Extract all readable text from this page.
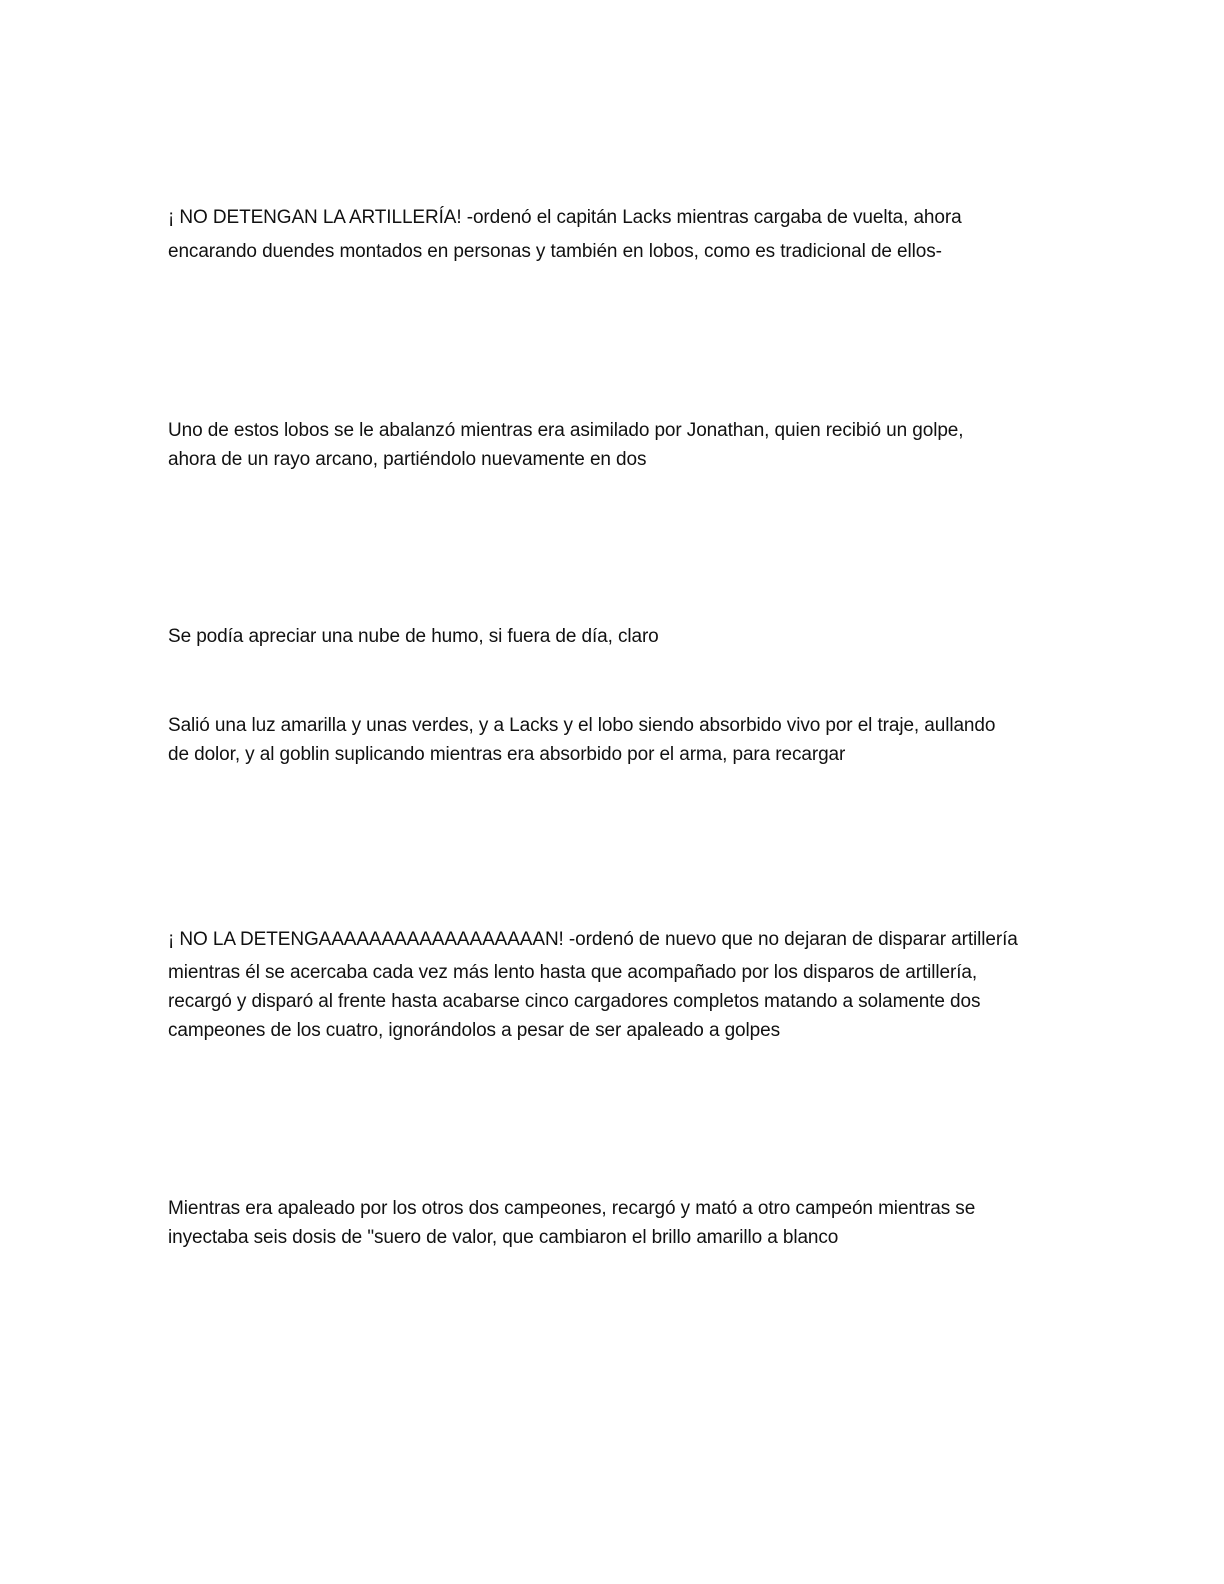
¡ NO DETENGAN LA ARTILLERÍA! -ordenó el capitán Lacks mientras cargaba de vuelta, ahora
encarando duendes montados en personas y también en lobos, como es tradicional de ellos-

Uno de estos lobos se le abalanzó mientras era asimilado por Jonathan, quien recibió un golpe,
ahora de un rayo arcano, partiéndolo nuevamente en dos

Se podía apreciar una nube de humo, si fuera de día, claro

Salió una luz amarilla y unas verdes, y a Lacks y el lobo siendo absorbido vivo por el traje, aullando
de dolor, y al goblin suplicando mientras era absorbido por el arma, para recargar

¡ NO LA DETENGAAAAAAAAAAAAAAAAAAN! -ordenó de nuevo que no dejaran de disparar artillería
mientras él se acercaba cada vez más lento hasta que acompañado por los disparos de artillería,
recargó y disparó al frente hasta acabarse cinco cargadores completos matando a solamente dos
campeones de los cuatro, ignorándolos a pesar de ser apaleado a golpes

Mientras era apaleado por los otros dos campeones, recargó y mató a otro campeón mientras se
inyectaba seis dosis de "suero de valor, que cambiaron el brillo amarillo a blanco
